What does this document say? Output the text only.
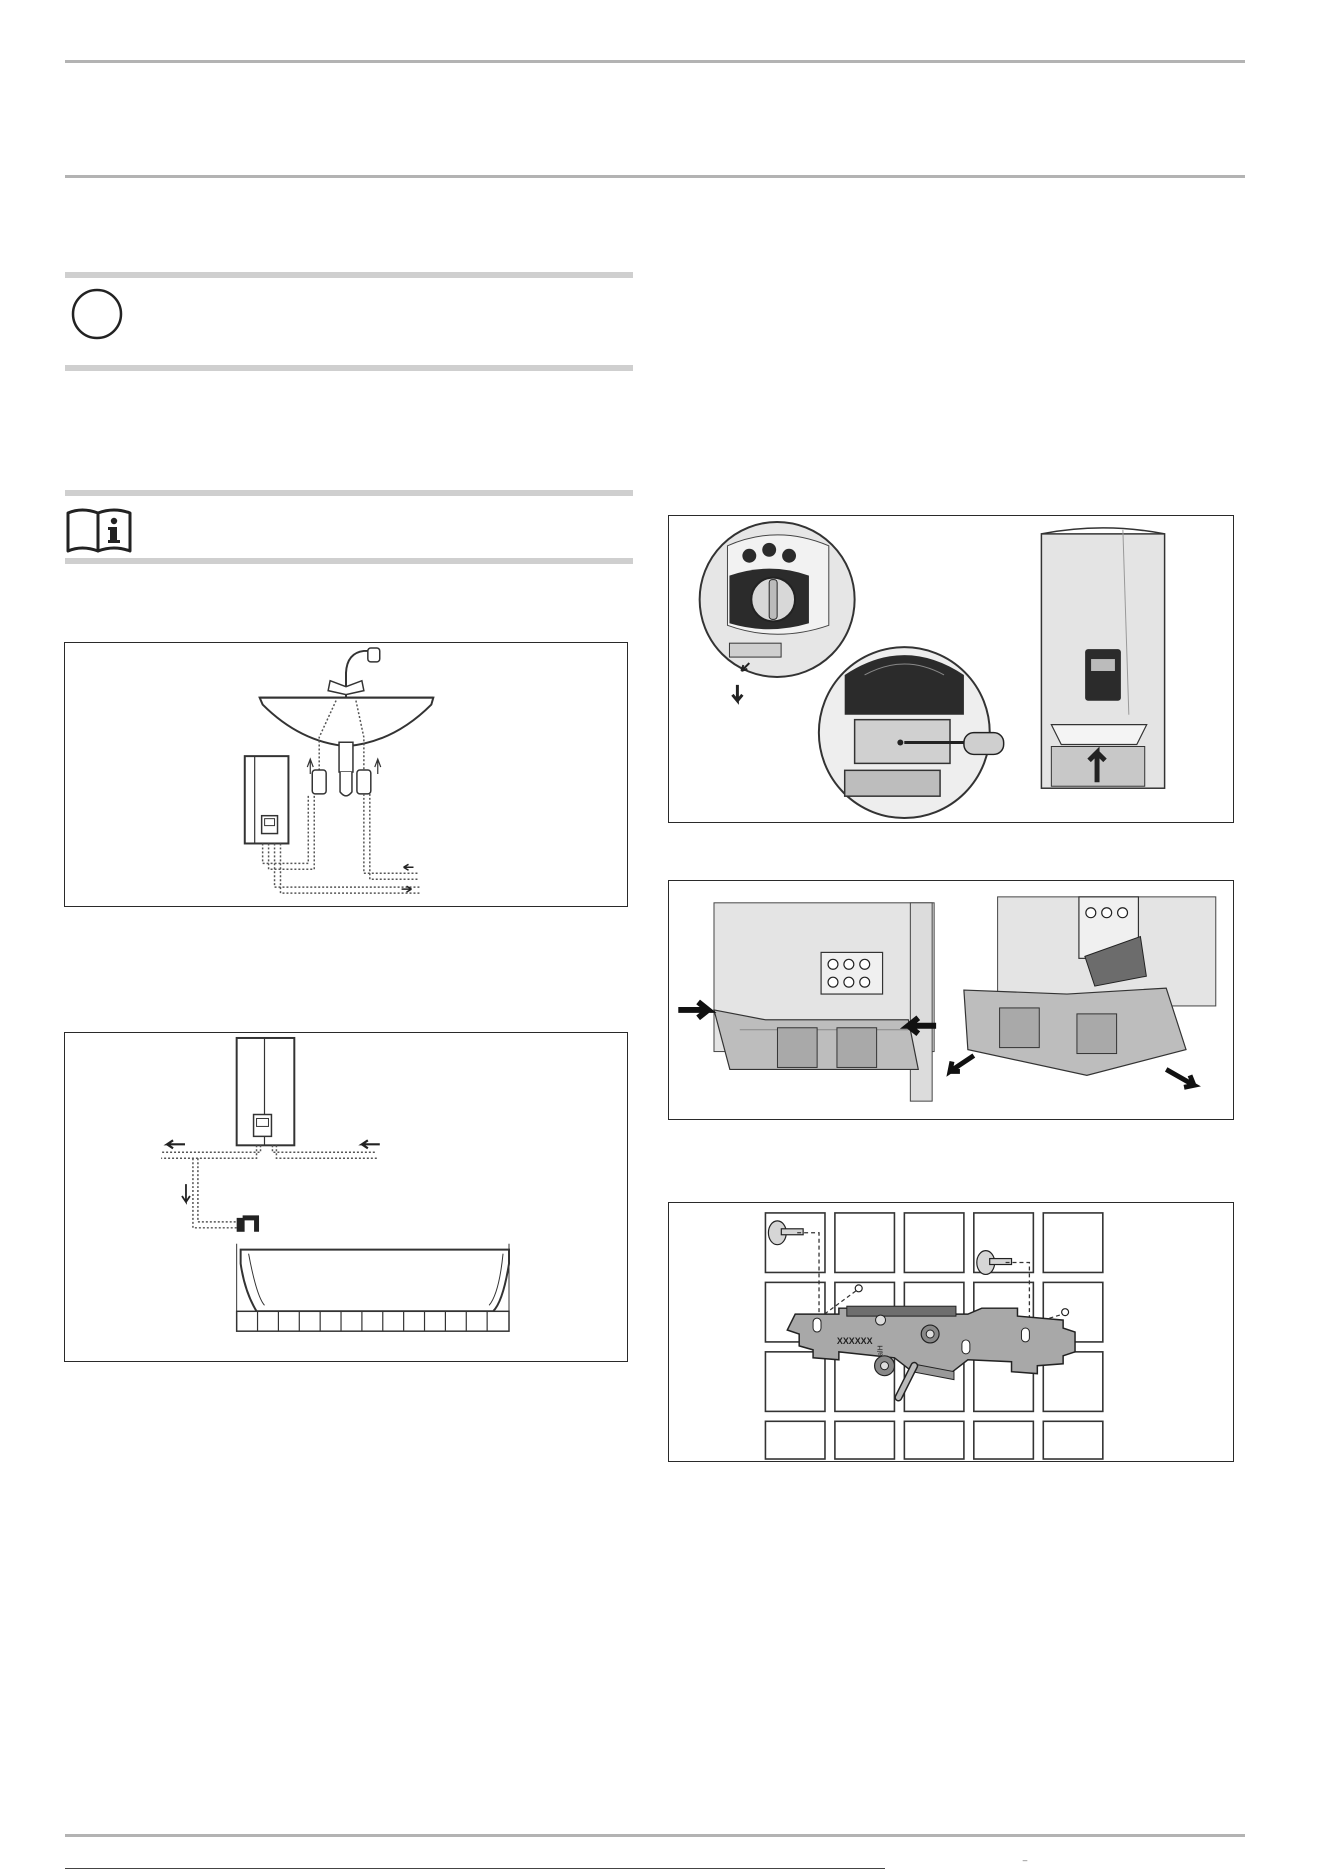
XXXXXX
alH
 ‾ 
